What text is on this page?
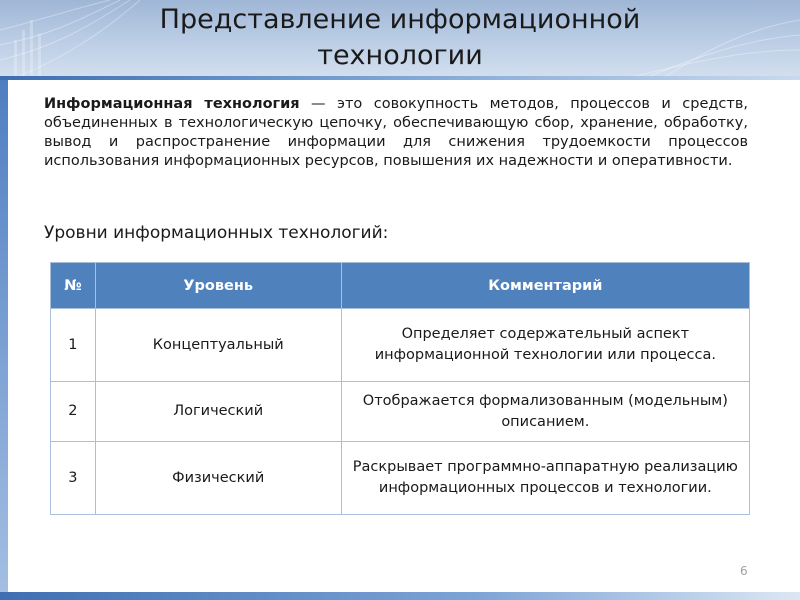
Представление информационной
технологии
Информационная технология — это совокупность методов, процессов и средств, объединенных в технологическую цепочку, обеспечивающую сбор, хранение, обработку, вывод и распространение информации для снижения трудоемкости процессов использования информационных ресурсов, повышения их надежности и оперативности.
Уровни информационных технологий:
№	Уровень	Комментарий
1	Концептуальный	Определяет содержательный аспект информационной технологии или процесса.
2	Логический	Отображается формализованным (модельным)     описанием.
3	Физический	Раскрывает программно-аппаратную реализацию информационных процессов и технологии.
6
